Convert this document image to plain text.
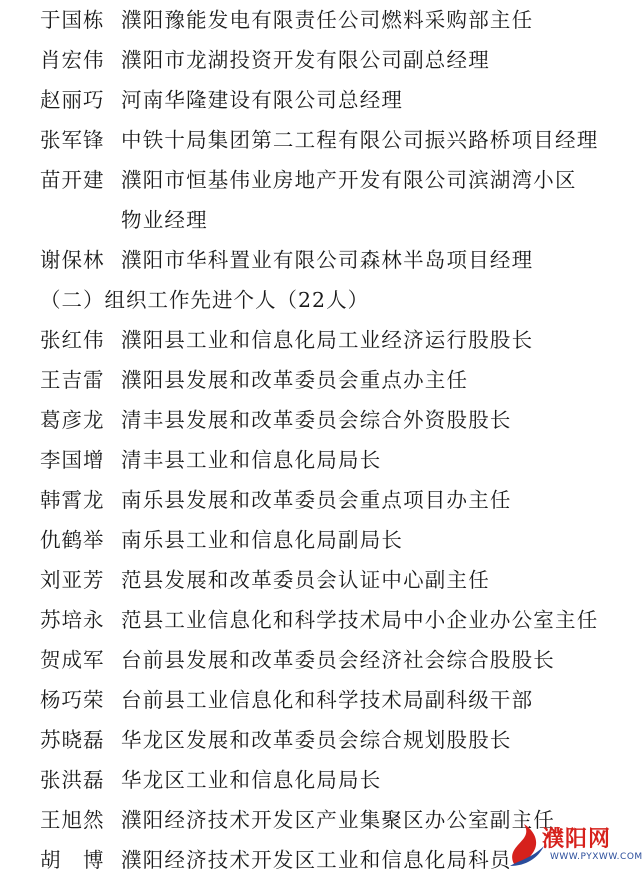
于国栋 濮阳豫能发电有限责任公司燃料采购部主任
肖宏伟 濮阳市龙湖投资开发有限公司副总经理
赵丽巧 河南华隆建设有限公司总经理
张军锋 中铁十局集团第二工程有限公司振兴路桥项目经理
苗开建 濮阳市恒基伟业房地产开发有限公司滨湖湾小区
物业经理
谢保林 濮阳市华科置业有限公司森林半岛项目经理
（二）组织工作先进个人（22人）
张红伟 濮阳县工业和信息化局工业经济运行股股长
王吉雷 濮阳县发展和改革委员会重点办主任
葛彦龙 清丰县发展和改革委员会综合外资股股长
李国增 清丰县工业和信息化局局长
韩霄龙 南乐县发展和改革委员会重点项目办主任
仇鹤举 南乐县工业和信息化局副局长
刘亚芳 范县发展和改革委员会认证中心副主任
苏培永 范县工业信息化和科学技术局中小企业办公室主任
贺成军 台前县发展和改革委员会经济社会综合股股长
杨巧荣 台前县工业信息化和科学技术局副科级干部
苏晓磊 华龙区发展和改革委员会综合规划股股长
张洪磊 华龙区工业和信息化局局长
王旭然 濮阳经济技术开发区产业集聚区办公室副主任
胡　博 濮阳经济技术开发区工业和信息化局科员
濮阳网
WWW.PYXWW.COM
